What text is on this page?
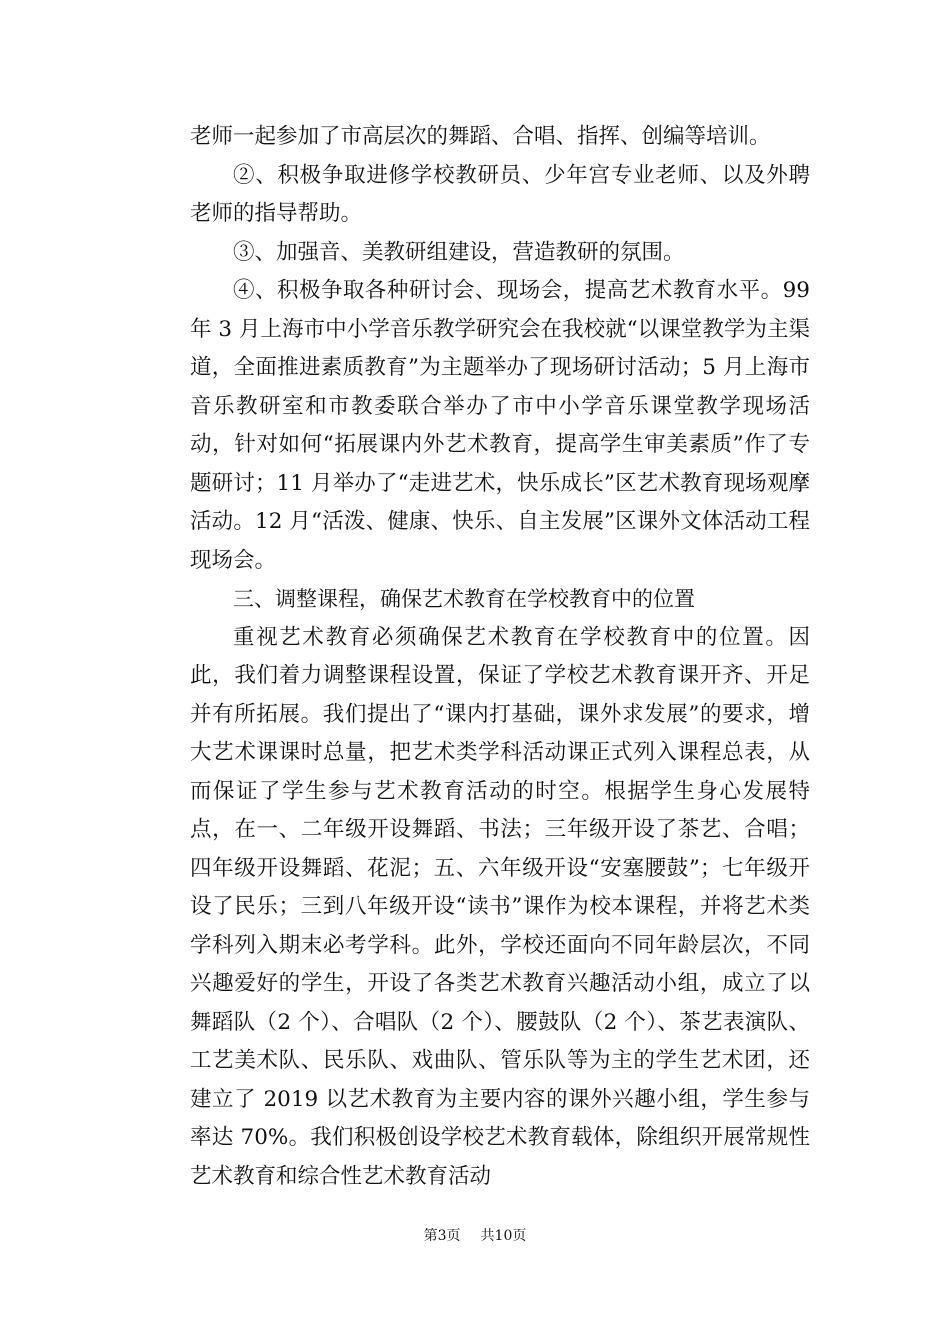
老师一起参加了市高层次的舞蹈、合唱、指挥、创编等培训。

②、积极争取进修学校教研员、少年宫专业老师、以及外聘老师的指导帮助。

③、加强音、美教研组建设，营造教研的氛围。

④、积极争取各种研讨会、现场会，提高艺术教育水平。99 年 3 月上海市中小学音乐教学研究会在我校就“以课堂教学为主渠道，全面推进素质教育”为主题举办了现场研讨活动；5 月上海市音乐教研室和市教委联合举办了市中小学音乐课堂教学现场活动，针对如何“拓展课内外艺术教育，提高学生审美素质”作了专题研讨；11 月举办了“走进艺术，快乐成长”区艺术教育现场观摩活动。12 月“活泼、健康、快乐、自主发展”区课外文体活动工程现场会。

三、调整课程，确保艺术教育在学校教育中的位置

重视艺术教育必须确保艺术教育在学校教育中的位置。因此，我们着力调整课程设置，保证了学校艺术教育课开齐、开足并有所拓展。我们提出了“课内打基础，课外求发展”的要求，增大艺术课课时总量，把艺术类学科活动课正式列入课程总表，从而保证了学生参与艺术教育活动的时空。根据学生身心发展特点，在一、二年级开设舞蹈、书法；三年级开设了茶艺、合唱；四年级开设舞蹈、花泥；五、六年级开设“安塞腰鼓”；七年级开设了民乐；三到八年级开设“读书”课作为校本课程，并将艺术类学科列入期末必考学科。此外，学校还面向不同年龄层次，不同兴趣爱好的学生，开设了各类艺术教育兴趣活动小组，成立了以舞蹈队（2 个）、合唱队（2 个）、腰鼓队（2 个）、茶艺表演队、工艺美术队、民乐队、戏曲队、管乐队等为主的学生艺术团，还建立了 2019 以艺术教育为主要内容的课外兴趣小组，学生参与率达 70%。我们积极创设学校艺术教育载体，除组织开展常规性艺术教育和综合性艺术教育活动

第3页 共10页
